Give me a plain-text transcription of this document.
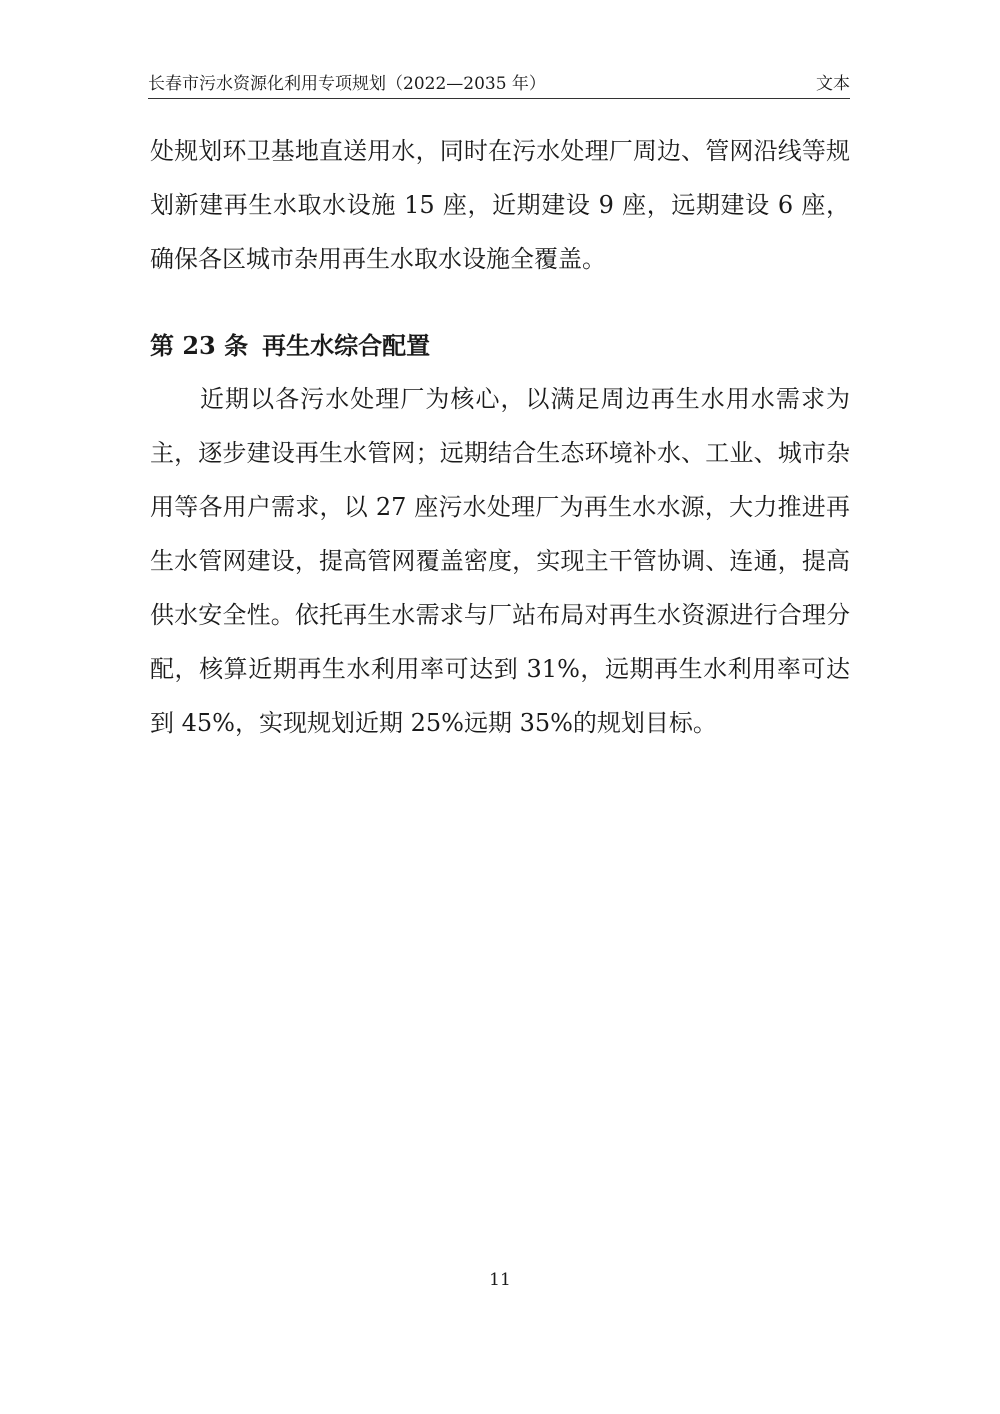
长春市污水资源化利用专项规划（2022—2035 年）	文本

处规划环卫基地直送用水，同时在污水处理厂周边、管网沿线等规划新建再生水取水设施 15 座，近期建设 9 座，远期建设 6 座，确保各区城市杂用再生水取水设施全覆盖。

第 23 条 再生水综合配置

近期以各污水处理厂为核心，以满足周边再生水用水需求为主，逐步建设再生水管网；远期结合生态环境补水、工业、城市杂用等各用户需求，以 27 座污水处理厂为再生水水源，大力推进再生水管网建设，提高管网覆盖密度，实现主干管协调、连通，提高供水安全性。依托再生水需求与厂站布局对再生水资源进行合理分配，核算近期再生水利用率可达到 31%，远期再生水利用率可达到 45%，实现规划近期 25%远期 35%的规划目标。

11
